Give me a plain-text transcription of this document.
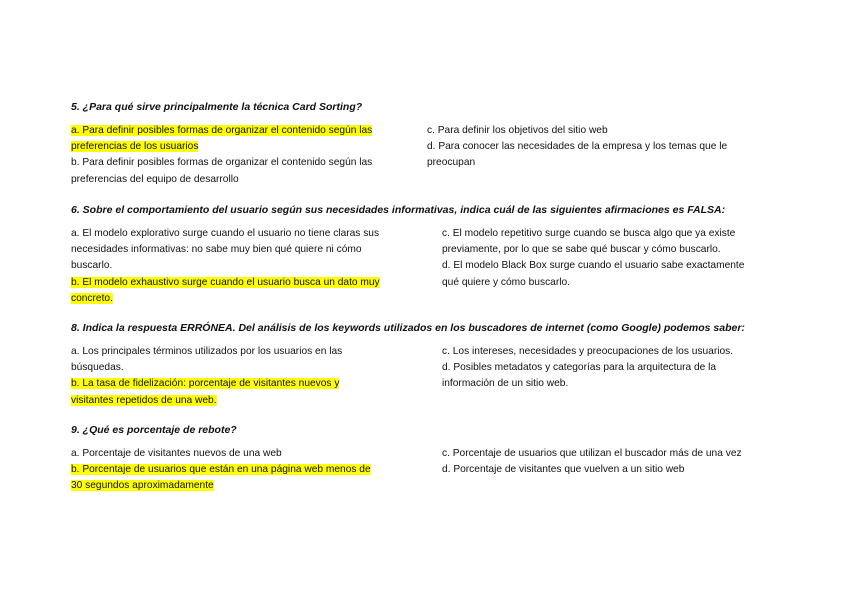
5. ¿Para qué sirve principalmente la técnica Card Sorting?
a. Para definir posibles formas de organizar el contenido según las
preferencias de los usuarios
b. Para definir posibles formas de organizar el contenido según las
preferencias del equipo de desarrollo
c. Para definir los objetivos del sitio web
d. Para conocer las necesidades de la empresa y los temas que le
preocupan
6. Sobre el comportamiento del usuario según sus necesidades informativas, indica cuál de las siguientes afirmaciones es FALSA:
a. El modelo explorativo surge cuando el usuario no tiene claras sus
necesidades informativas: no sabe muy bien qué quiere ni cómo
buscarlo.
b. El modelo exhaustivo surge cuando el usuario busca un dato muy
concreto.
c. El modelo repetitivo surge cuando se busca algo que ya existe
previamente, por lo que se sabe qué buscar y cómo buscarlo.
d. El modelo Black Box surge cuando el usuario sabe exactamente
qué quiere y cómo buscarlo.
8. Indica la respuesta ERRÓNEA. Del análisis de los keywords utilizados en los buscadores de internet (como Google) podemos saber:
a. Los principales términos utilizados por los usuarios en las
búsquedas.
b. La tasa de fidelización: porcentaje de visitantes nuevos y
visitantes repetidos de una web.
c. Los intereses, necesidades y preocupaciones de los usuarios.
d. Posibles metadatos y categorías para la arquitectura de la
información de un sitio web.
9. ¿Qué es porcentaje de rebote?
a. Porcentaje de visitantes nuevos de una web
b. Porcentaje de usuarios que están en una página web menos de
30 segundos aproximadamente
c. Porcentaje de usuarios que utilizan el buscador más de una vez
d. Porcentaje de visitantes que vuelven a un sitio web
